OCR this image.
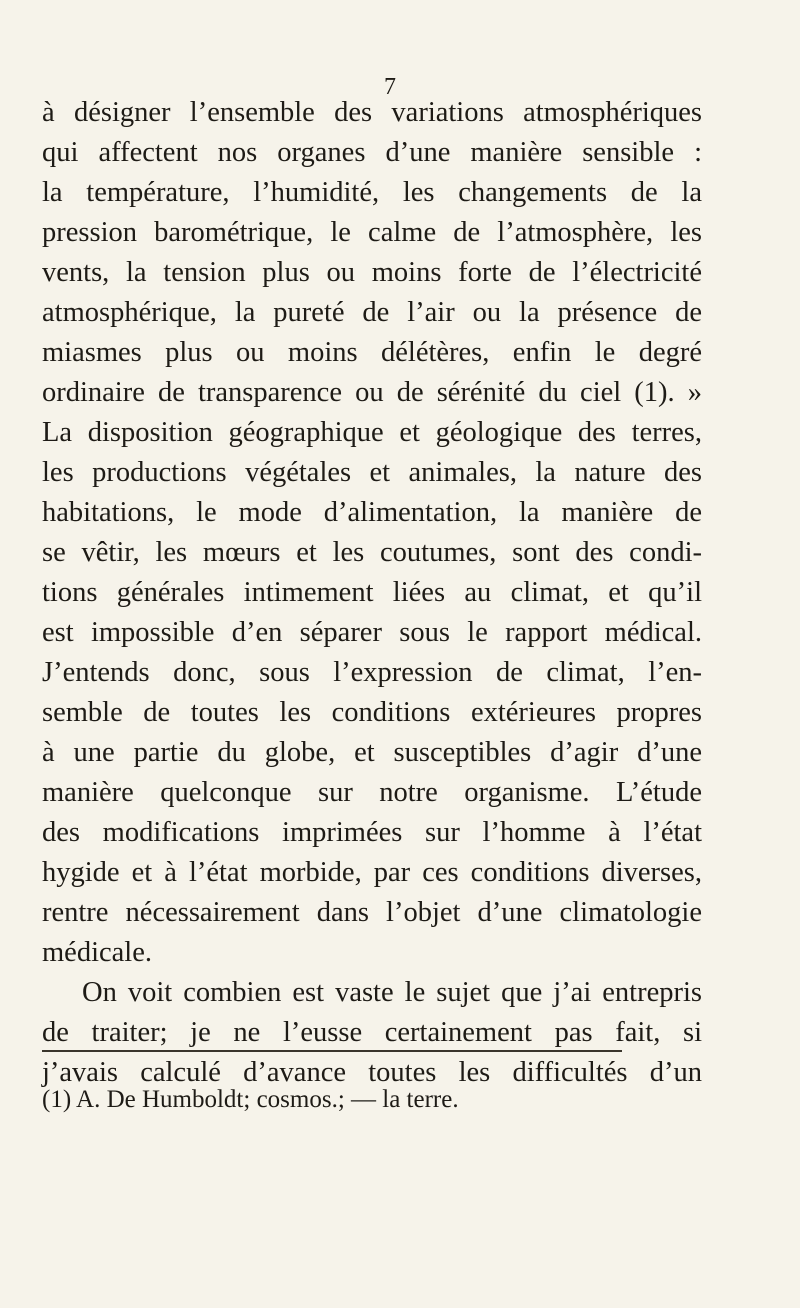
7
à désigner l’ensemble des variations atmosphériques
qui affectent nos organes d’une manière sensible :
la température, l’humidité, les changements de la
pression barométrique, le calme de l’atmosphère, les
vents, la tension plus ou moins forte de l’électricité
atmosphérique, la pureté de l’air ou la présence de
miasmes plus ou moins délétères, enfin le degré
ordinaire de transparence ou de sérénité du ciel (1). »
La disposition géographique et géologique des terres,
les productions végétales et animales, la nature des
habitations, le mode d’alimentation, la manière de
se vêtir, les mœurs et les coutumes, sont des condi-
tions générales intimement liées au climat, et qu’il
est impossible d’en séparer sous le rapport médical.
J’entends donc, sous l’expression de climat, l’en-
semble de toutes les conditions extérieures propres
à une partie du globe, et susceptibles d’agir d’une
manière quelconque sur notre organisme. L’étude
des modifications imprimées sur l’homme à l’état
hygide et à l’état morbide, par ces conditions diverses,
rentre nécessairement dans l’objet d’une climatologie
médicale.
On voit combien est vaste le sujet que j’ai entrepris
de traiter; je ne l’eusse certainement pas fait, si
j’avais calculé d’avance toutes les difficultés d’un
(1) A. De Humboldt; cosmos.; — la terre.
